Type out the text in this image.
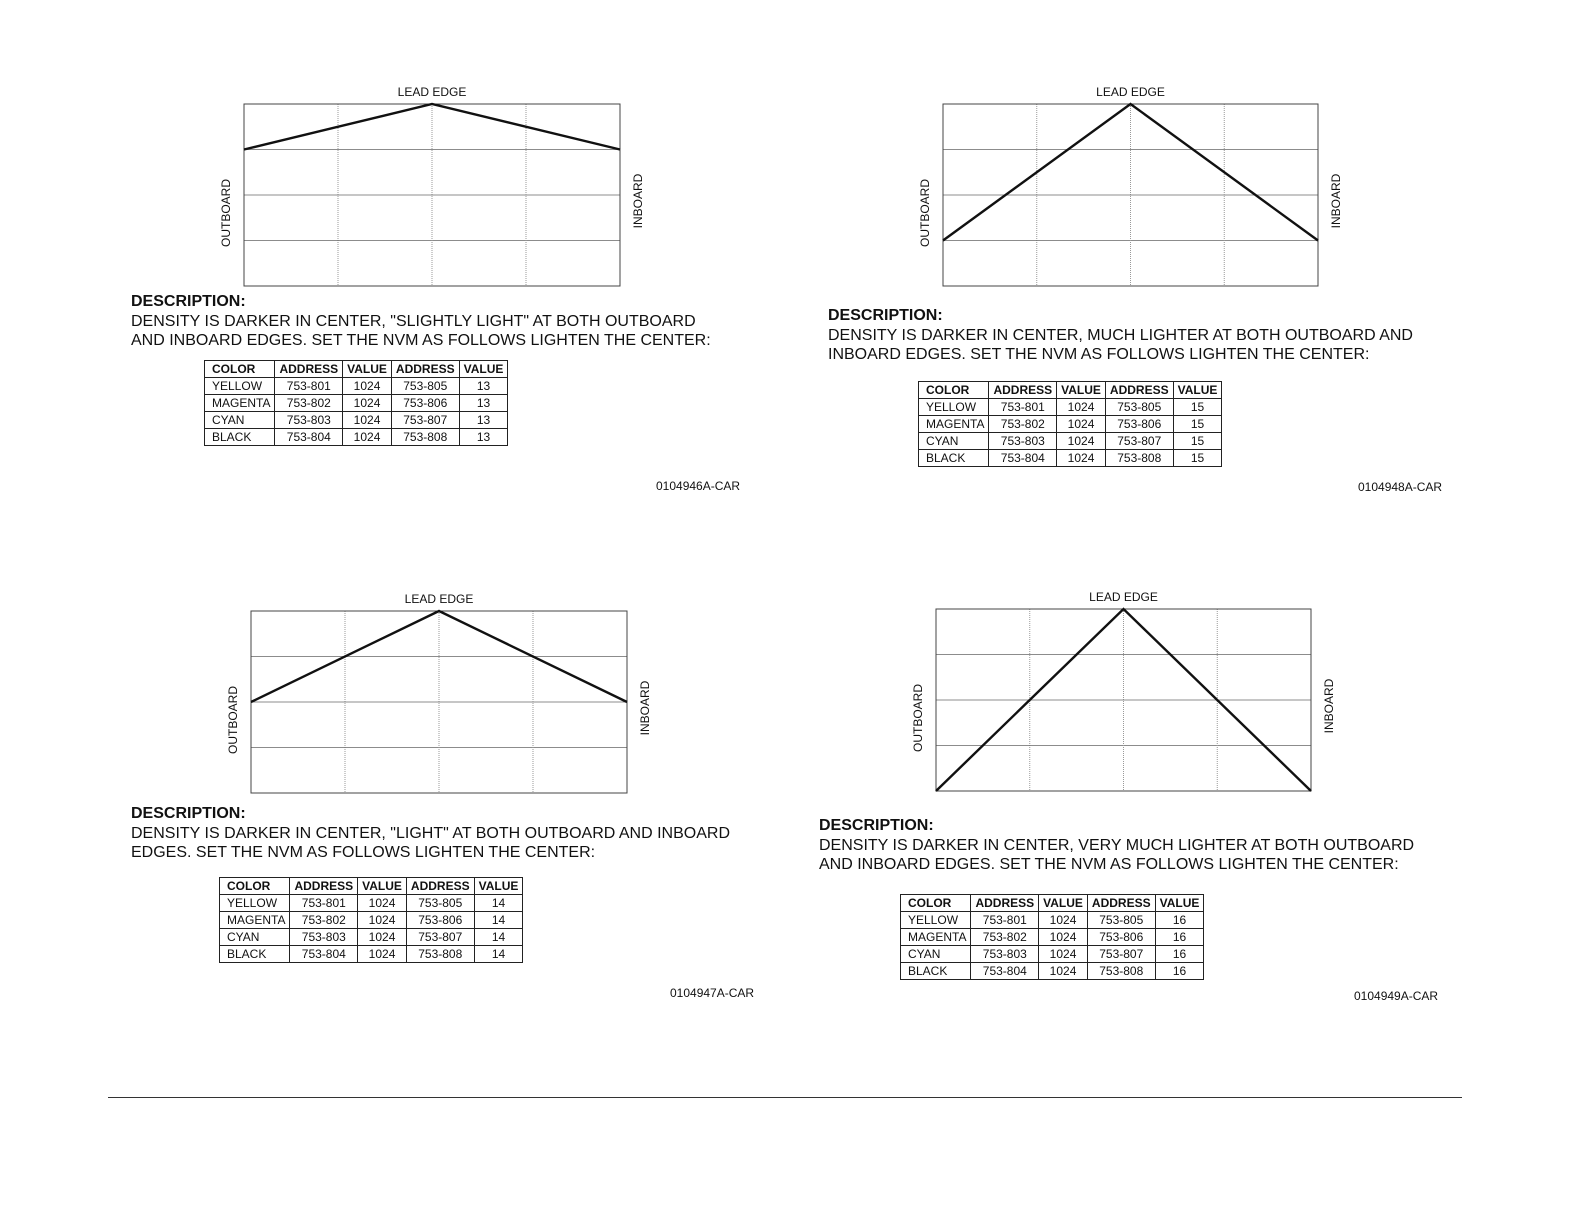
LEAD EDGE
OUTBOARD	INBOARD
DESCRIPTION:
DENSITY IS DARKER IN CENTER, "SLIGHTLY LIGHT" AT BOTH OUTBOARD
AND INBOARD EDGES. SET THE NVM AS FOLLOWS LIGHTEN THE CENTER:
COLOR	ADDRESS	VALUE	ADDRESS	VALUE
YELLOW	753-801	1024	753-805	13
MAGENTA	753-802	1024	753-806	13
CYAN	753-803	1024	753-807	13
BLACK	753-804	1024	753-808	13
0104946A-CAR
LEAD EDGE
OUTBOARD	INBOARD
DESCRIPTION:
DENSITY IS DARKER IN CENTER, MUCH LIGHTER AT BOTH OUTBOARD AND
INBOARD EDGES. SET THE NVM AS FOLLOWS LIGHTEN THE CENTER:
COLOR	ADDRESS	VALUE	ADDRESS	VALUE
YELLOW	753-801	1024	753-805	15
MAGENTA	753-802	1024	753-806	15
CYAN	753-803	1024	753-807	15
BLACK	753-804	1024	753-808	15
0104948A-CAR
LEAD EDGE
OUTBOARD	INBOARD
DESCRIPTION:
DENSITY IS DARKER IN CENTER, "LIGHT" AT BOTH OUTBOARD AND INBOARD
EDGES. SET THE NVM AS FOLLOWS LIGHTEN THE CENTER:
COLOR	ADDRESS	VALUE	ADDRESS	VALUE
YELLOW	753-801	1024	753-805	14
MAGENTA	753-802	1024	753-806	14
CYAN	753-803	1024	753-807	14
BLACK	753-804	1024	753-808	14
0104947A-CAR
LEAD EDGE
OUTBOARD	INBOARD
DESCRIPTION:
DENSITY IS DARKER IN CENTER, VERY MUCH LIGHTER AT BOTH OUTBOARD
AND INBOARD EDGES. SET THE NVM AS FOLLOWS LIGHTEN THE CENTER:
COLOR	ADDRESS	VALUE	ADDRESS	VALUE
YELLOW	753-801	1024	753-805	16
MAGENTA	753-802	1024	753-806	16
CYAN	753-803	1024	753-807	16
BLACK	753-804	1024	753-808	16
0104949A-CAR
